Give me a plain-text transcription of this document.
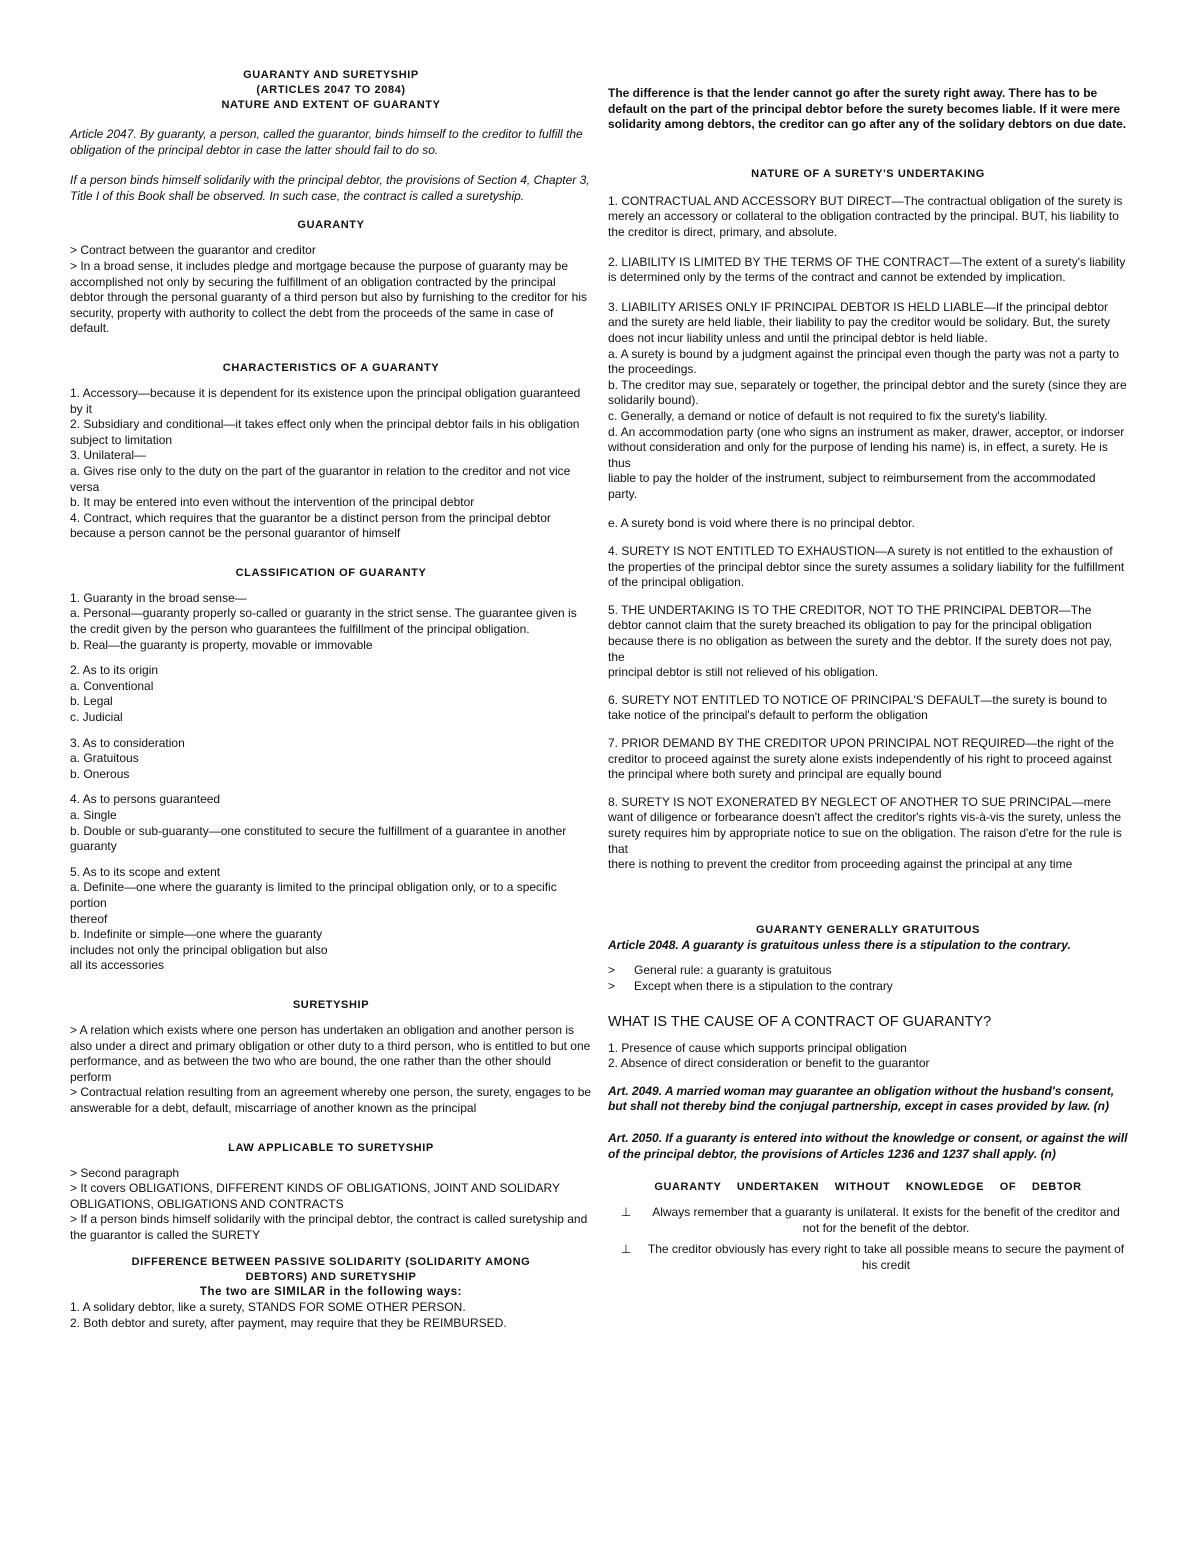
GUARANTY AND SURETYSHIP

(ARTICLES 2047 TO 2084)

NATURE AND EXTENT OF GUARANTY

Article 2047. By guaranty, a person, called the guarantor, binds himself to the creditor to fulfill the obligation of the principal debtor in case the latter should fail to do so.

If a person binds himself solidarily with the principal debtor, the provisions of Section 4, Chapter 3, Title I of this Book shall be observed. In such case, the contract is called a suretyship.

GUARANTY

> Contract between the guarantor and creditor

> In a broad sense, it includes pledge and mortgage because the purpose of guaranty may be accomplished not only by securing the fulfillment of an obligation contracted by the principal debtor through the personal guaranty of a third person but also by furnishing to the creditor for his

security, property with authority to collect the debt from the proceeds of the same in case of default.

CHARACTERISTICS OF A GUARANTY

1. Accessory—because it is dependent for its existence upon the principal obligation guaranteed by it

2. Subsidiary and conditional—it takes effect only when the principal debtor fails in his obligation subject to limitation

3. Unilateral—

a. Gives rise only to the duty on the part of the guarantor in relation to the creditor and not vice versa

b. It may be entered into even without the intervention of the principal debtor

4. Contract, which requires that the guarantor be a distinct person from the principal debtor because a person cannot be the personal guarantor of himself

CLASSIFICATION OF GUARANTY

1. Guaranty in the broad sense—

a. Personal—guaranty properly so-called or guaranty in the strict sense. The guarantee given is the credit given by the person who guarantees the fulfillment of the principal obligation.

b. Real—the guaranty is property, movable or immovable

2. As to its origin

a. Conventional

b. Legal

c. Judicial

3. As to consideration

a. Gratuitous

b. Onerous

4. As to persons guaranteed

a. Single

b. Double or sub-guaranty—one constituted to secure the fulfillment of a guarantee in another guaranty

5. As to its scope and extent

a. Definite—one where the guaranty is limited to the principal obligation only, or to a specific portion

thereof

b. Indefinite or simple—one where the guaranty

includes not only the principal obligation but also

all its accessories

SURETYSHIP

> A relation which exists where one person has undertaken an obligation and another person is also under a direct and primary obligation or other duty to a third person, who is entitled to but one performance, and as between the two who are bound, the one rather than the other should perform

> Contractual relation resulting from an agreement whereby one person, the surety, engages to be answerable for a debt, default, miscarriage of another known as the principal

LAW APPLICABLE TO SURETYSHIP

> Second paragraph

> It covers OBLIGATIONS, DIFFERENT KINDS OF OBLIGATIONS, JOINT AND SOLIDARY OBLIGATIONS, OBLIGATIONS AND CONTRACTS

> If a person binds himself solidarily with the principal debtor, the contract is called suretyship and the guarantor is called the SURETY

DIFFERENCE BETWEEN PASSIVE SOLIDARITY (SOLIDARITY AMONG DEBTORS) AND SURETYSHIP

The two are SIMILAR in the following ways:

1. A solidary debtor, like a surety, STANDS FOR SOME OTHER PERSON.

2. Both debtor and surety, after payment, may require that they be REIMBURSED.

The difference is that the lender cannot go after the surety right away. There has to be default on the part of the principal debtor before the surety becomes liable. If it were mere solidarity among debtors, the creditor can go after any of the solidary debtors on due date.

NATURE OF A SURETY'S UNDERTAKING

1. CONTRACTUAL AND ACCESSORY BUT DIRECT—The contractual obligation of the surety is merely an accessory or collateral to the obligation contracted by the principal. BUT, his liability to the creditor is direct, primary, and absolute.

2. LIABILITY IS LIMITED BY THE TERMS OF THE CONTRACT—The extent of a surety's liability is determined only by the terms of the contract and cannot be extended by implication.

3. LIABILITY ARISES ONLY IF PRINCIPAL DEBTOR IS HELD LIABLE—If the principal debtor and the surety are held liable, their liability to pay the creditor would be solidary. But, the surety does not incur liability unless and until the principal debtor is held liable.

a. A surety is bound by a judgment against the principal even though the party was not a party to

the proceedings.

b. The creditor may sue, separately or together, the principal debtor and the surety (since they are solidarily bound).

c. Generally, a demand or notice of default is not required to fix the surety's liability.

d. An accommodation party (one who signs an instrument as maker, drawer, acceptor, or indorser

without consideration and only for the purpose of lending his name) is, in effect, a surety. He is thus

liable to pay the holder of the instrument, subject to reimbursement from the accommodated party.

e. A surety bond is void where there is no principal debtor.

4. SURETY IS NOT ENTITLED TO EXHAUSTION—A surety is not entitled to the exhaustion of the properties of the principal debtor since the surety assumes a solidary liability for the fulfillment of the principal obligation.

5. THE UNDERTAKING IS TO THE CREDITOR, NOT TO THE PRINCIPAL DEBTOR—The debtor cannot claim that the surety breached its obligation to pay for the principal obligation because there is no obligation as between the surety and the debtor. If the surety does not pay, the

principal debtor is still not relieved of his obligation.

6. SURETY NOT ENTITLED TO NOTICE OF PRINCIPAL'S DEFAULT—the surety is bound to take notice of the principal's default to perform the obligation

7. PRIOR DEMAND BY THE CREDITOR UPON PRINCIPAL NOT REQUIRED—the right of the creditor to proceed against the surety alone exists independently of his right to proceed against the principal where both surety and principal are equally bound

8. SURETY IS NOT EXONERATED BY NEGLECT OF ANOTHER TO SUE PRINCIPAL—mere want of diligence or forbearance doesn't affect the creditor's rights vis-à-vis the surety, unless the surety requires him by appropriate notice to sue on the obligation. The raison d'etre for the rule is that

there is nothing to prevent the creditor from proceeding against the principal at any time

GUARANTY GENERALLY GRATUITOUS

Article 2048. A guaranty is gratuitous unless there is a stipulation to the contrary.

>	General rule: a guaranty is gratuitous
>	Except when there is a stipulation to the contrary

WHAT IS THE CAUSE OF A CONTRACT OF GUARANTY?

1. Presence of cause which supports principal obligation

2. Absence of direct consideration or benefit to the guarantor

Art. 2049. A married woman may guarantee an obligation without the husband's consent, but shall not thereby bind the conjugal partnership, except in cases provided by law. (n)

Art. 2050. If a guaranty is entered into without the knowledge or consent, or against the will of the principal debtor, the provisions of Articles 1236 and 1237 shall apply. (n)

GUARANTY UNDERTAKEN WITHOUT KNOWLEDGE OF DEBTOR

⊥	Always remember that a guaranty is unilateral. It exists for the benefit of the creditor and not for the benefit of the debtor.
⊥	The creditor obviously has every right to take all possible means to secure the payment of his credit
